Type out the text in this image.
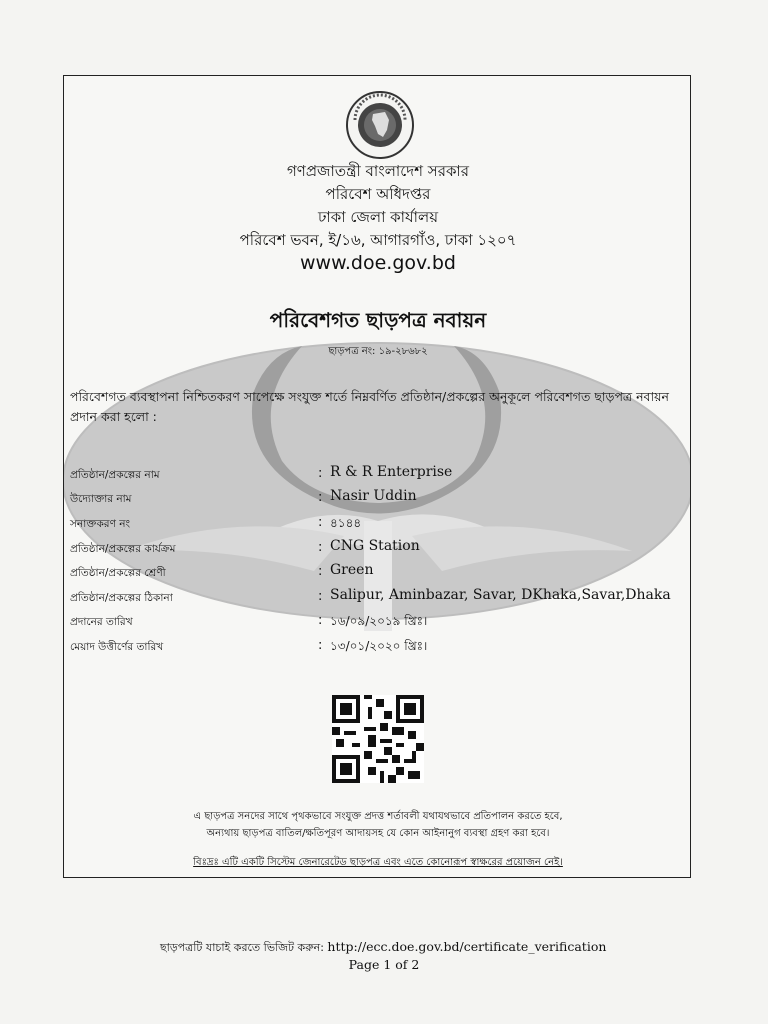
গণপ্রজাতন্ত্রী বাংলাদেশ সরকার
পরিবেশ অধিদপ্তর
ঢাকা জেলা কার্যালয়
পরিবেশ ভবন, ই/১৬, আগারগাঁও, ঢাকা ১২০৭
www.doe.gov.bd
পরিবেশগত ছাড়পত্র নবায়ন
ছাড়পত্র নং: ১৯-২৮৬৮২
পরিবেশগত ব্যবস্থাপনা নিশ্চিতকরণ সাপেক্ষে সংযুক্ত শর্তে নিম্নবর্ণিত প্রতিষ্ঠান/প্রকল্পের অনুকূলে পরিবেশগত ছাড়পত্র নবায়ন প্রদান করা হলো :
প্রতিষ্ঠান/প্রকল্পের নাম	: R & R Enterprise
উদ্যোক্তার নাম	: Nasir Uddin
সনাক্তকরণ নং	: ৪১৪৪
প্রতিষ্ঠান/প্রকল্পের কার্যক্রম	: CNG Station
প্রতিষ্ঠান/প্রকল্পের শ্রেণী	: Green
প্রতিষ্ঠান/প্রকল্পের ঠিকানা	: Salipur, Aminbazar, Savar, DKhaka,Savar,Dhaka
প্রদানের তারিখ	: ১৬/০৯/২০১৯ খ্রিঃ।
মেয়াদ উত্তীর্ণের তারিখ	: ১৩/০১/২০২০ খ্রিঃ।
এ ছাড়পত্র সনদের সাথে পৃথকভাবে সংযুক্ত প্রদত্ত শর্তাবলী যথাযথভাবে প্রতিপালন করতে হবে,
অন্যথায় ছাড়পত্র বাতিল/ক্ষতিপূরণ আদায়সহ যে কোন আইনানুগ ব্যবস্থা গ্রহণ করা হবে।
বিঃদ্রঃ এটি একটি সিস্টেম জেনারেটেড ছাড়পত্র এবং এতে কোনোরূপ স্বাক্ষরের প্রয়োজন নেই।
ছাড়পত্রটি যাচাই করতে ভিজিট করুন: http://ecc.doe.gov.bd/certificate_verification
Page 1 of 2
